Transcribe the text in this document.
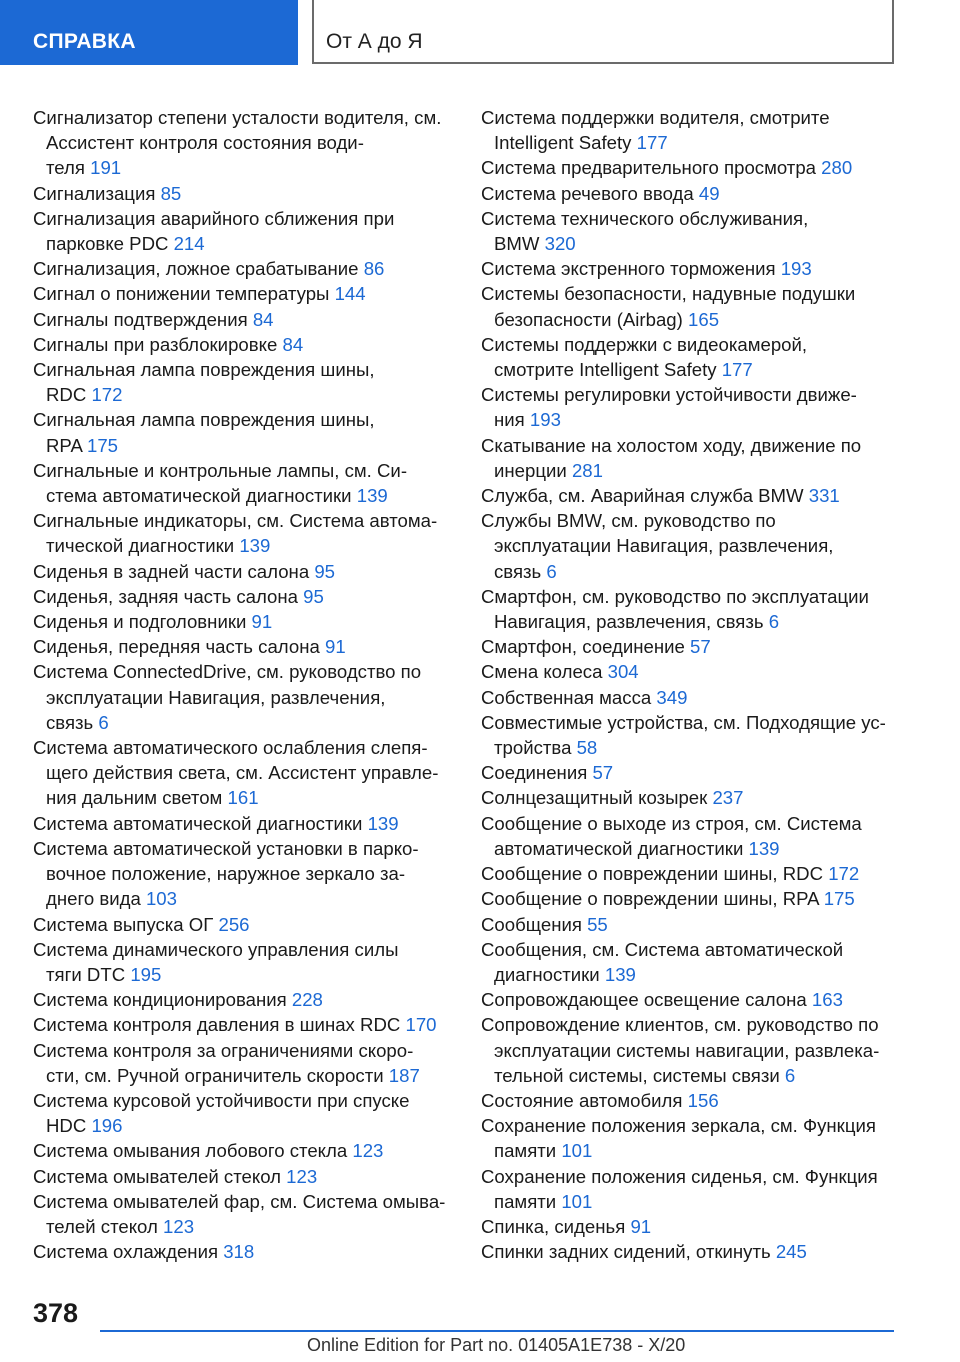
СПРАВКА	От А до Я
Сигнализатор степени усталости водителя, см.
Ассистент контроля состояния води-
теля 191
Сигнализация 85
Сигнализация аварийного сближения при
парковке PDC 214
Сигнализация, ложное срабатывание 86
Сигнал о понижении температуры 144
Сигналы подтверждения 84
Сигналы при разблокировке 84
Сигнальная лампа повреждения шины,
RDC 172
Сигнальная лампа повреждения шины,
RPA 175
Сигнальные и контрольные лампы, см. Си-
стема автоматической диагностики 139
Сигнальные индикаторы, см. Система автома-
тической диагностики 139
Сиденья в задней части салона 95
Сиденья, задняя часть салона 95
Сиденья и подголовники 91
Сиденья, передняя часть салона 91
Система ConnectedDrive, см. руководство по
эксплуатации Навигация, развлечения,
связь 6
Система автоматического ослабления слепя-
щего действия света, см. Ассистент управле-
ния дальним светом 161
Система автоматической диагностики 139
Система автоматической установки в парко-
вочное положение, наружное зеркало за-
днего вида 103
Система выпуска ОГ 256
Система динамического управления силы
тяги DTC 195
Система кондиционирования 228
Система контроля давления в шинах RDC 170
Система контроля за ограничениями скоро-
сти, см. Ручной ограничитель скорости 187
Система курсовой устойчивости при спуске
HDC 196
Система омывания лобового стекла 123
Система омывателей стекол 123
Система омывателей фар, см. Система омыва-
телей стекол 123
Система охлаждения 318
Система поддержки водителя, смотрите
Intelligent Safety 177
Система предварительного просмотра 280
Система речевого ввода 49
Система технического обслуживания,
BMW 320
Система экстренного торможения 193
Системы безопасности, надувные подушки
безопасности (Airbag) 165
Системы поддержки с видеокамерой,
смотрите Intelligent Safety 177
Системы регулировки устойчивости движе-
ния 193
Скатывание на холостом ходу, движение по
инерции 281
Служба, см. Аварийная служба BMW 331
Службы BMW, см. руководство по
эксплуатации Навигация, развлечения,
связь 6
Смартфон, см. руководство по эксплуатации
Навигация, развлечения, связь 6
Смартфон, соединение 57
Смена колеса 304
Собственная масса 349
Совместимые устройства, см. Подходящие ус-
тройства 58
Соединения 57
Солнцезащитный козырек 237
Сообщение о выходе из строя, см. Система
автоматической диагностики 139
Сообщение о повреждении шины, RDC 172
Сообщение о повреждении шины, RPA 175
Сообщения 55
Сообщения, см. Система автоматической
диагностики 139
Сопровождающее освещение салона 163
Сопровождение клиентов, см. руководство по
эксплуатации системы навигации, развлека-
тельной системы, системы связи 6
Состояние автомобиля 156
Сохранение положения зеркала, см. Функция
памяти 101
Сохранение положения сиденья, см. Функция
памяти 101
Спинка, сиденья 91
Спинки задних сидений, откинуть 245
378
Online Edition for Part no. 01405A1E738 - X/20
